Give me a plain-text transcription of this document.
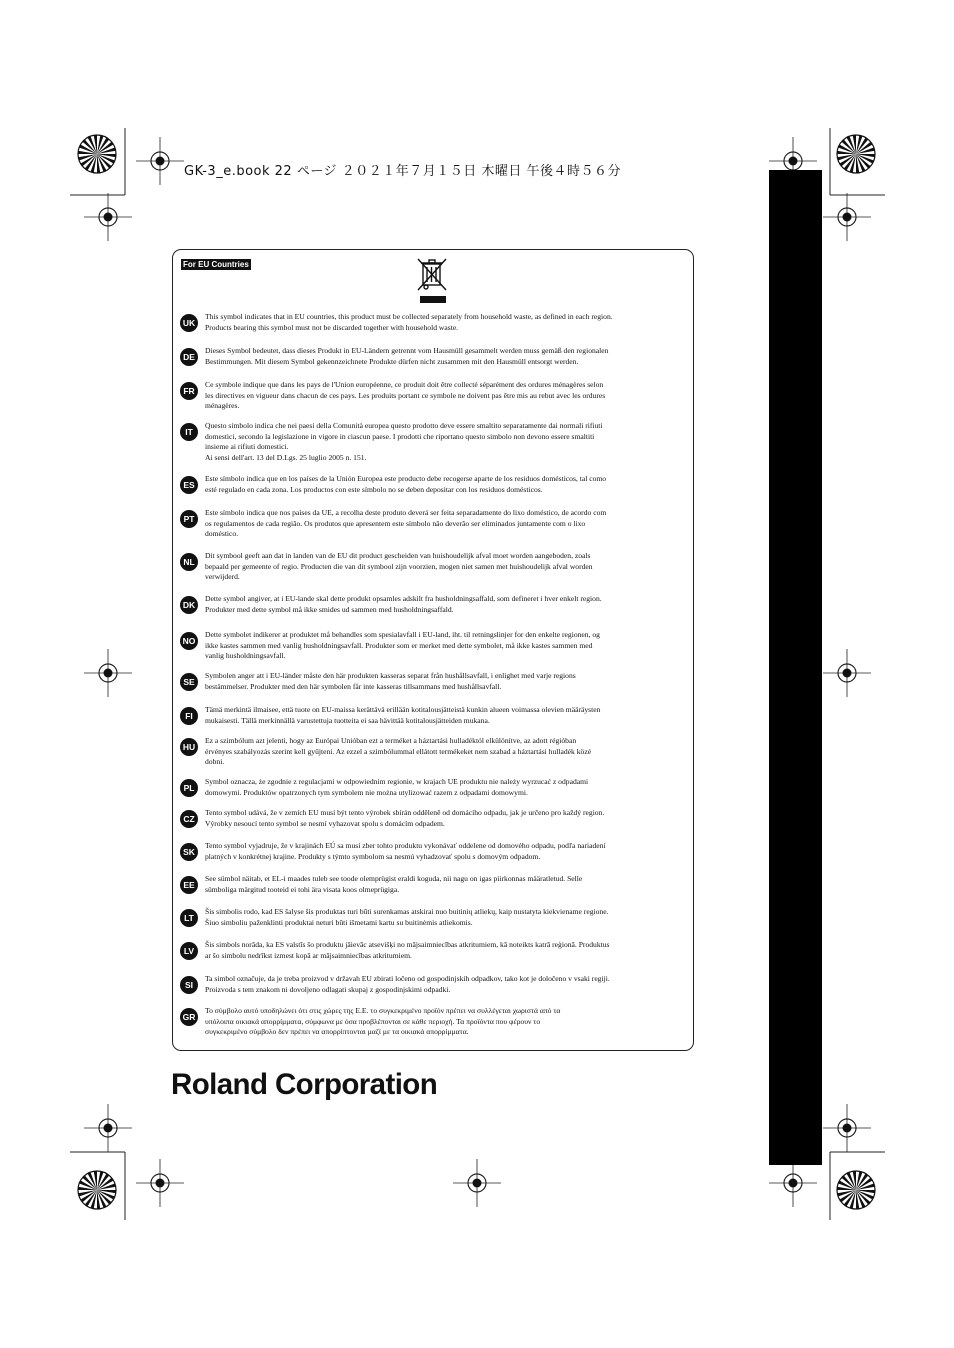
GK-3_e.book 22 ページ ２０２１年７月１５日 木曜日 午後４時５６分
For EU Countries
UK
This symbol indicates that in EU countries, this product must be collected separately from household waste, as defined in each region.
Products bearing this symbol must not be discarded together with household waste.
DE
Dieses Symbol bedeutet, dass dieses Produkt in EU-Ländern getrennt vom Hausmüll gesammelt werden muss gemäß den regionalen
Bestimmungen. Mit diesem Symbol gekennzeichnete Produkte dürfen nicht zusammen mit den Hausmüll entsorgt werden.
FR
Ce symbole indique que dans les pays de l'Union européenne, ce produit doit être collecté séparément des ordures ménagères selon
les directives en vigueur dans chacun de ces pays. Les produits portant ce symbole ne doivent pas être mis au rebut avec les ordures
ménagères.
IT
Questo simbolo indica che nei paesi della Comunità europea questo prodotto deve essere smaltito separatamente dai normali rifiuti
domestici, secondo la legislazione in vigore in ciascun paese. I prodotti che riportano questo simbolo non devono essere smaltiti
insieme ai rifiuti domestici.
Ai sensi dell'art. 13 del D.Lgs. 25 luglio 2005 n. 151.
ES
Este símbolo indica que en los países de la Unión Europea este producto debe recogerse aparte de los residuos domésticos, tal como
esté regulado en cada zona. Los productos con este símbolo no se deben depositar con los residuos domésticos.
PT
Este símbolo indica que nos países da UE, a recolha deste produto deverá ser feita separadamente do lixo doméstico, de acordo com
os regulamentos de cada região. Os produtos que apresentem este símbolo não deverão ser eliminados juntamente com o lixo
doméstico.
NL
Dit symbool geeft aan dat in landen van de EU dit product gescheiden van huishoudelijk afval moet worden aangeboden, zoals
bepaald per gemeente of regio. Producten die van dit symbool zijn voorzien, mogen niet samen met huishoudelijk afval worden
verwijderd.
DK
Dette symbol angiver, at i EU-lande skal dette produkt opsamles adskilt fra husholdningsaffald, som defineret i hver enkelt region.
Produkter med dette symbol må ikke smides ud sammen med husholdningsaffald.
NO
Dette symbolet indikerer at produktet må behandles som spesialavfall i EU-land, iht. til retningslinjer for den enkelte regionen, og
ikke kastes sammen med vanlig husholdningsavfall. Produkter som er merket med dette symbolet, må ikke kastes sammen med
vanlig husholdningsavfall.
SE
Symbolen anger att i EU-länder måste den här produkten kasseras separat från hushållsavfall, i enlighet med varje regions
bestämmelser. Produkter med den här symbolen får inte kasseras tillsammans med hushållsavfall.
FI
Tämä merkintä ilmaisee, että tuote on EU-maissa kerättävä erillään kotitalousjätteistä kunkin alueen voimassa olevien määräysten
mukaisesti. Tällä merkinnällä varustettuja tuotteita ei saa hävittää kotitalousjätteiden mukana.
HU
Ez a szimbólum azt jelenti, hogy az Európai Unióban ezt a terméket a háztartási hulladéktól elkülönítve, az adott régióban
érvényes szabályozás szerint kell gyűjteni. Az ezzel a szimbólummal ellátott termékeket nem szabad a háztartási hulladék közé
dobni.
PL
Symbol oznacza, że zgodnie z regulacjami w odpowiednim regionie, w krajach UE produktu nie należy wyrzucać z odpadami
domowymi. Produktów opatrzonych tym symbolem nie można utylizować razem z odpadami domowymi.
CZ
Tento symbol udává, že v zemích EU musí být tento výrobek sbírán odděleně od domácího odpadu, jak je určeno pro každý region.
Výrobky nesoucí tento symbol se nesmí vyhazovat spolu s domácím odpadem.
SK
Tento symbol vyjadruje, že v krajinách EÚ sa musí zber tohto produktu vykonávať oddelene od domového odpadu, podľa nariadení
platných v konkrétnej krajine. Produkty s týmto symbolom sa nesmú vyhadzovať spolu s domovým odpadom.
EE
See sümbol näitab, et EL-i maades tuleb see toode olemprügist eraldi koguda, nii nagu on igas piirkonnas määratletud. Selle
sümboliga märgitud tooteid ei tohi ära visata koos olmeprügiga.
LT
Šis simbolis rodo, kad ES šalyse šis produktas turi būti surenkamas atskirai nuo buitinių atliekų, kaip nustatyta kiekviename regione.
Šiuo simboliu paženklinti produktai neturi būti išmetami kartu su buitinėmis atliekomis.
LV
Šis simbols norāda, ka ES valstīs šo produktu jāievāc atsevišķi no mājsaimniecības atkritumiem, kā noteikts katrā reģionā. Produktus
ar šo simbolu nedrīkst izmest kopā ar mājsaimniecības atkritumiem.
SI
Ta simbol označuje, da je treba proizvod v državah EU zbirati ločeno od gospodinjskih odpadkov, tako kot je določeno v vsaki regiji.
Proizvoda s tem znakom ni dovoljeno odlagati skupaj z gospodinjskimi odpadki.
GR
Το σύμβολο αυτό υποδηλώνει ότι στις χώρες της Ε.Ε. το συγκεκριμένο προϊόν πρέπει να συλλέγεται χωριστά από τα
υπόλοιπα οικιακά απορρίμματα, σύμφωνα με όσα προβλέπονται σε κάθε περιοχή. Τα προϊόντα που φέρουν το
συγκεκριμένο σύμβολο δεν πρέπει να απορρίπτονται μαζί με τα οικιακά απορρίμματα.
Roland Corporation
